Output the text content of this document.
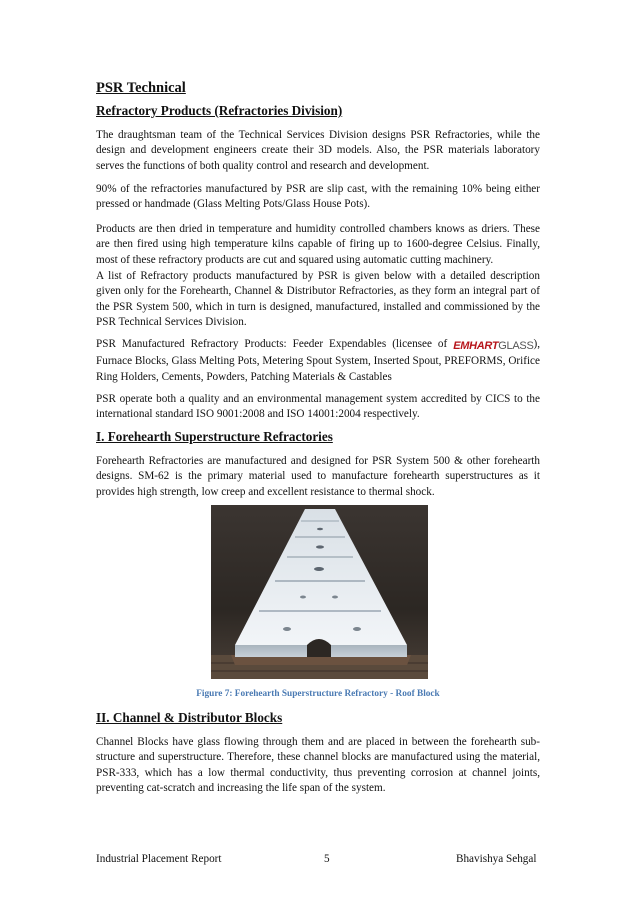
PSR Technical
Refractory Products (Refractories Division)

The draughtsman team of the Technical Services Division designs PSR Refractories, while the design and development engineers create their 3D models. Also, the PSR materials laboratory serves the functions of both quality control and research and development.

90% of the refractories manufactured by PSR are slip cast, with the remaining 10% being either pressed or handmade (Glass Melting Pots/Glass House Pots).

Products are then dried in temperature and humidity controlled chambers knows as driers. These are then fired using high temperature kilns capable of firing up to 1600-degree Celsius. Finally, most of these refractory products are cut and squared using automatic cutting machinery.

A list of Refractory products manufactured by PSR is given below with a detailed description given only for the Forehearth, Channel & Distributor Refractories, as they form an integral part of the PSR System 500, which in turn is designed, manufactured, installed and commissioned by the PSR Technical Services Division.

PSR Manufactured Refractory Products: Feeder Expendables (licensee of EMHARTGLASS), Furnace Blocks, Glass Melting Pots, Metering Spout System, Inserted Spout, PREFORMS, Orifice Ring Holders, Cements, Powders, Patching Materials & Castables

PSR operate both a quality and an environmental management system accredited by CICS to the international standard ISO 9001:2008 and ISO 14001:2004 respectively.

I. Forehearth Superstructure Refractories

Forehearth Refractories are manufactured and designed for PSR System 500 & other forehearth designs. SM-62 is the primary material used to manufacture forehearth superstructures as it provides high strength, low creep and excellent resistance to thermal shock.

Figure 7: Forehearth Superstructure Refractory - Roof Block

II. Channel & Distributor Blocks

Channel Blocks have glass flowing through them and are placed in between the forehearth sub-structure and superstructure. Therefore, these channel blocks are manufactured using the material, PSR-333, which has a low thermal conductivity, thus preventing corrosion at channel joints, preventing cat-scratch and increasing the life span of the system.

Industrial Placement Report	5	Bhavishya Sehgal
